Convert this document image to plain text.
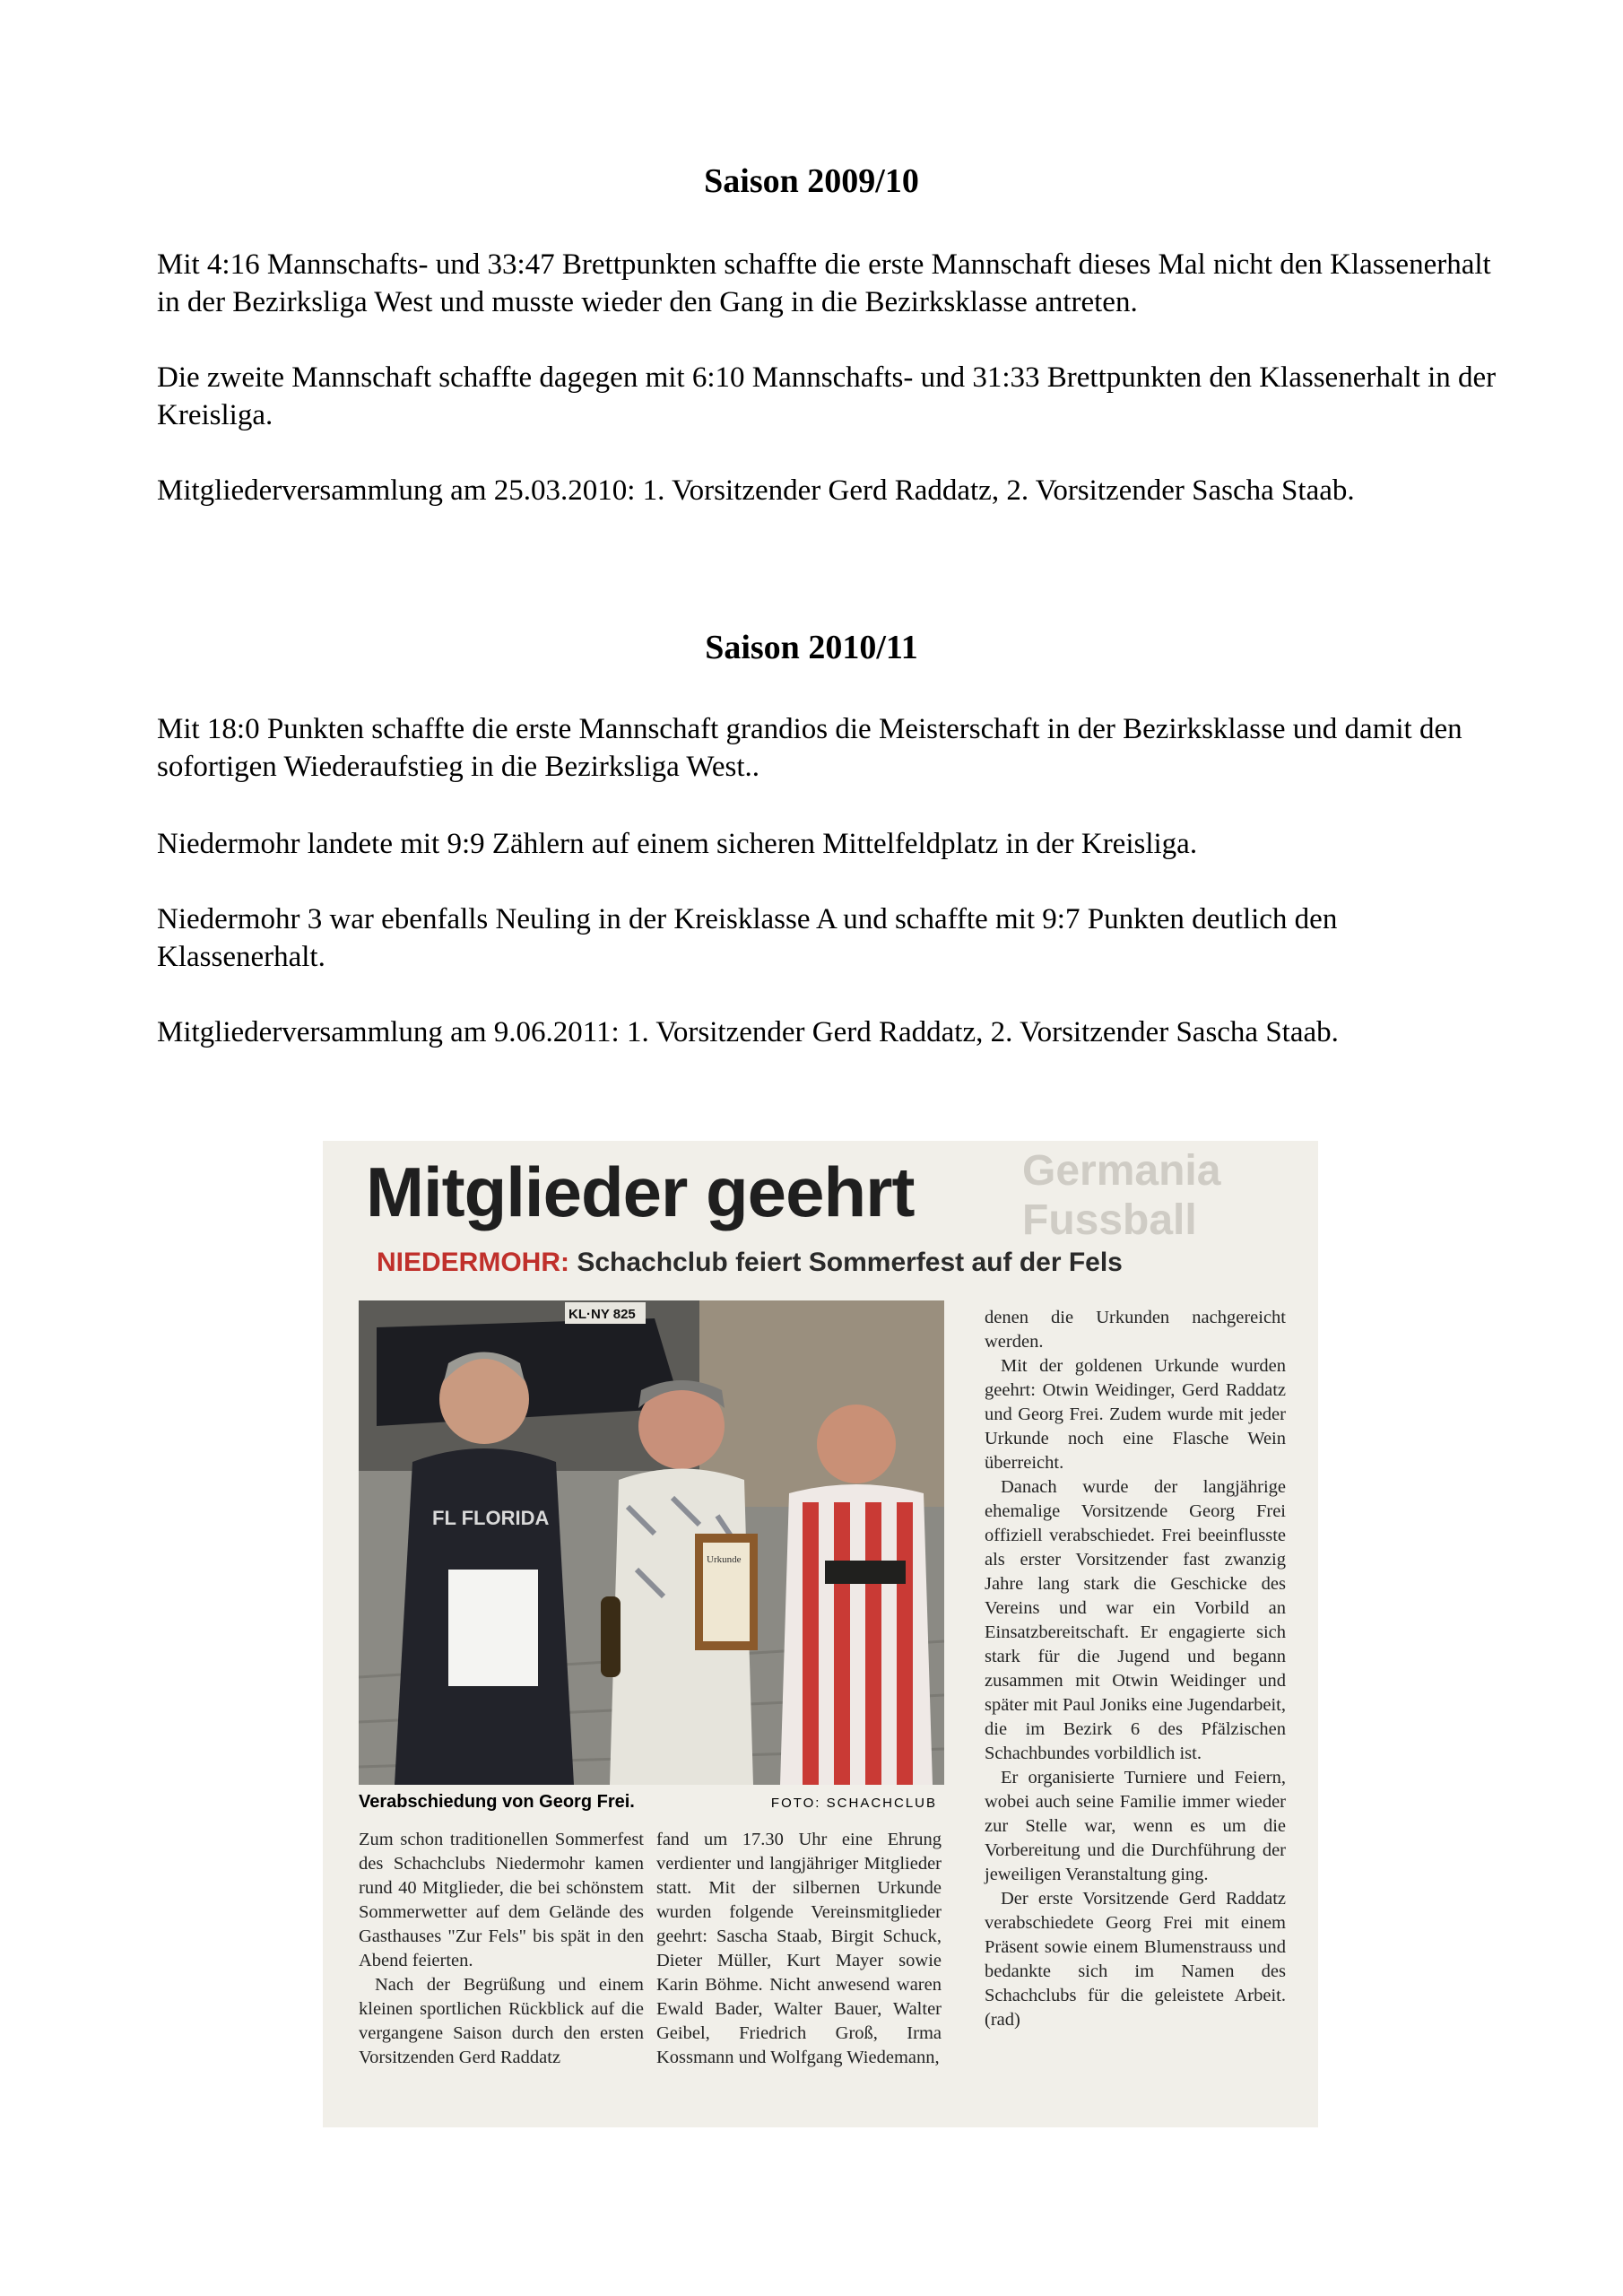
Saison 2009/10
Mit 4:16 Mannschafts- und 33:47 Brettpunkten schaffte die erste Mannschaft dieses Mal nicht den Klassenerhalt in der Bezirksliga West und musste wieder den Gang in die Bezirksklasse antreten.
Die zweite Mannschaft schaffte dagegen mit 6:10 Mannschafts- und 31:33 Brettpunkten den Klassenerhalt in der Kreisliga.
Mitgliederversammlung am 25.03.2010: 1. Vorsitzender Gerd Raddatz, 2. Vorsitzender Sascha Staab.
Saison 2010/11
Mit 18:0 Punkten schaffte die erste Mannschaft grandios die Meisterschaft in der Bezirksklasse und damit den sofortigen Wiederaufstieg in die Bezirksliga West..
Niedermohr landete mit 9:9 Zählern auf einem sicheren Mittelfeldplatz in der Kreisliga.
Niedermohr 3 war ebenfalls Neuling in der Kreisklasse A und schaffte mit 9:7 Punkten deutlich den Klassenerhalt.
Mitgliederversammlung am 9.06.2011: 1. Vorsitzender Gerd Raddatz, 2. Vorsitzender Sascha Staab.
Germania Fussball
Mitglieder geehrt
NIEDERMOHR: Schachclub feiert Sommerfest auf der Fels
KL·NY 825
FL FLORIDA
Urkunde
Verabschiedung von Georg Frei.	FOTO: SCHACHCLUB

Zum schon traditionellen Sommerfest des Schachclubs Niedermohr kamen rund 40 Mitglieder, die bei schönstem Sommerwetter auf dem Gelände des Gasthauses "Zur Fels" bis spät in den Abend feierten.

Nach der Begrüßung und einem kleinen sportlichen Rückblick auf die vergangene Saison durch den ersten Vorsitzenden Gerd Raddatz

fand um 17.30 Uhr eine Ehrung verdienter und langjähriger Mitglieder statt. Mit der silbernen Urkunde wurden folgende Vereinsmitglieder geehrt: Sascha Staab, Birgit Schuck, Dieter Müller, Kurt Mayer sowie Karin Böhme. Nicht anwesend waren Ewald Bader, Walter Bauer, Walter Geibel, Friedrich Groß, Irma Kossmann und Wolfgang Wiedemann,

denen die Urkunden nachgereicht werden.

Mit der goldenen Urkunde wurden geehrt: Otwin Weidinger, Gerd Raddatz und Georg Frei. Zudem wurde mit jeder Urkunde noch eine Flasche Wein überreicht.

Danach wurde der langjährige ehemalige Vorsitzende Georg Frei offiziell verabschiedet. Frei beeinflusste als erster Vorsitzender fast zwanzig Jahre lang stark die Geschicke des Vereins und war ein Vorbild an Einsatzbereitschaft. Er engagierte sich stark für die Jugend und begann zusammen mit Otwin Weidinger und später mit Paul Joniks eine Jugendarbeit, die im Bezirk 6 des Pfälzischen Schachbundes vorbildlich ist.

Er organisierte Turniere und Feiern, wobei auch seine Familie immer wieder zur Stelle war, wenn es um die Vorbereitung und die Durchführung der jeweiligen Veranstaltung ging.

Der erste Vorsitzende Gerd Raddatz verabschiedete Georg Frei mit einem Präsent sowie einem Blumenstrauss und bedankte sich im Namen des Schachclubs für die geleistete Arbeit.(rad)
